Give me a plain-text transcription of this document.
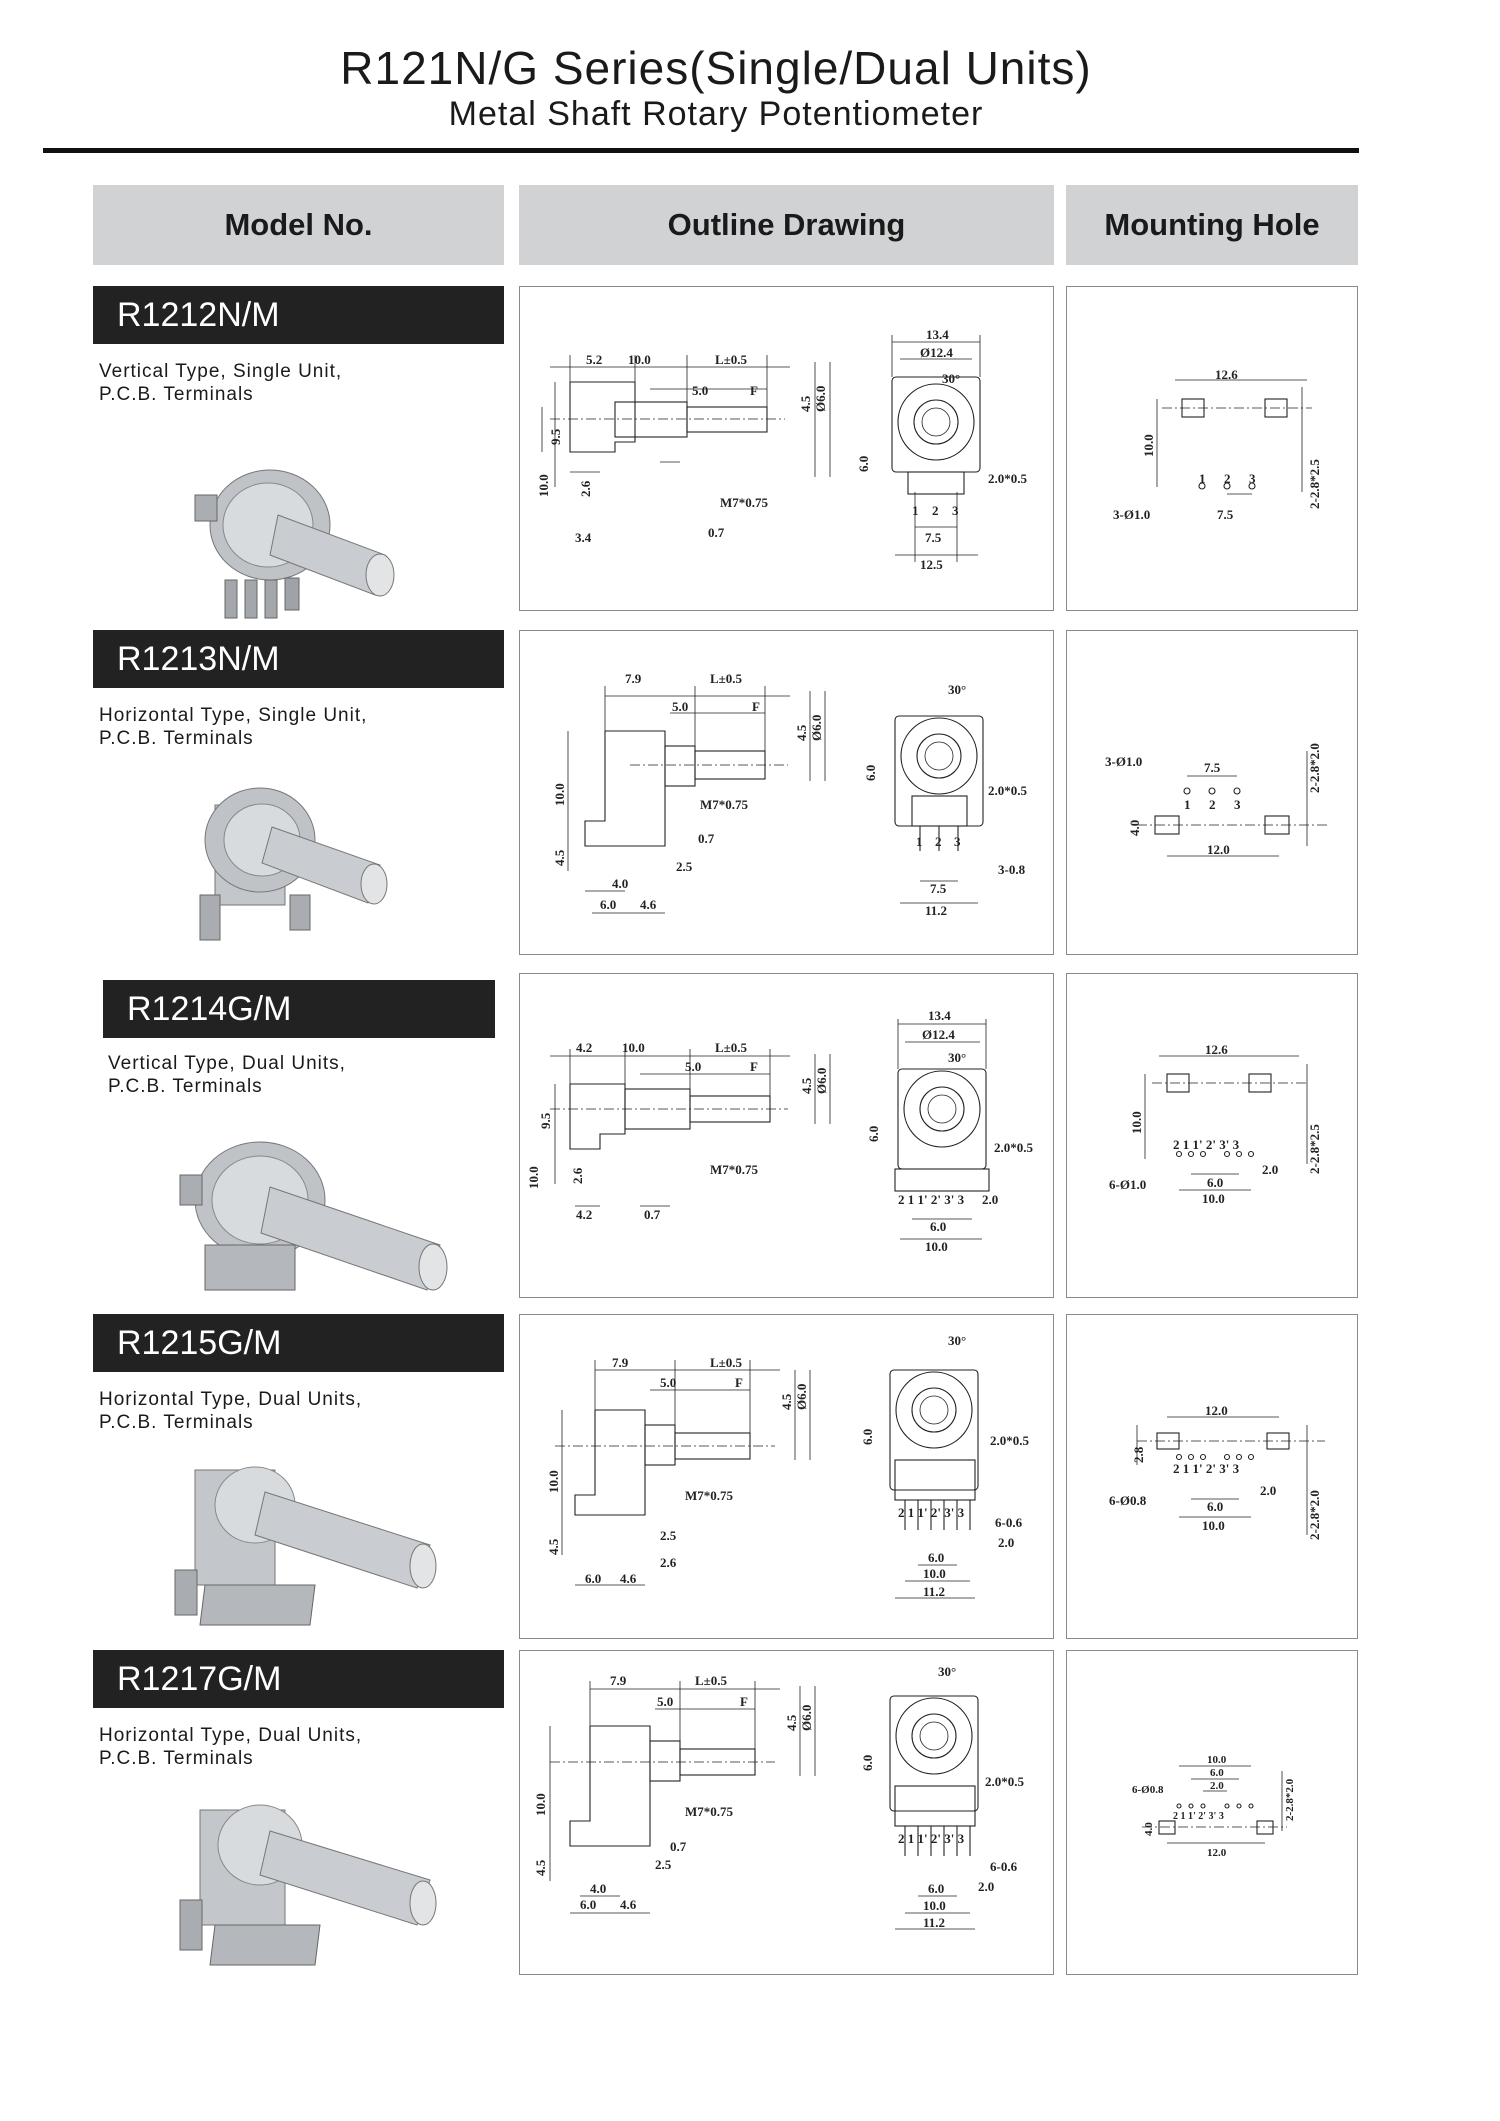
R121N/G Series(Single/Dual Units)
Metal Shaft Rotary Potentiometer
Model No.	Outline Drawing	Mounting Hole
R1212N/M
Vertical Type, Single Unit,
P.C.B. Terminals
5.2 10.0	L±0.5
5.0	F
4.5 Ø6.0
9.5
10.0 2.6
M7*0.75
3.4	0.7
13.4
Ø12.4
30°
6.0
2.0*0.5
1 2 3
7.5
12.5
12.6
10.0
1 2 3
3-Ø1.0	7.5
2-2.8*2.5
R1213N/M
Horizontal Type, Single Unit,
P.C.B. Terminals
7.9	L±0.5
5.0	F
4.5 Ø6.0
10.0
4.5
M7*0.75
0.7
2.5
4.0
6.0 4.6
30°
6.0
2.0*0.5
1 2 3
3-0.8
7.5
11.2
3-Ø1.0	7.5
1 2 3
4.0
12.0
2-2.8*2.0
R1214G/M
Vertical Type, Dual Units,
P.C.B. Terminals
4.2 10.0	L±0.5
5.0	F
4.5 Ø6.0
9.5
10.0 2.6	M7*0.75
4.2	0.7
13.4
Ø12.4
30°
6.0
2.0*0.5
2 1 1' 2' 3' 3 2.0
6.0
10.0
12.6
10.0
2 1 1' 2' 3' 3
6-Ø1.0
2.0
6.0
10.0
2-2.8*2.5
R1215G/M
Horizontal Type, Dual Units,
P.C.B. Terminals
7.9	L±0.5
5.0	F
4.5 Ø6.0
10.0
4.5
M7*0.75
2.5
2.6
6.0 4.6
30°
6.0	2.0*0.5
2 1 1' 2' 3' 3
6-0.6
2.0
6.0
10.0
11.2
12.0
2.8
2 1 1' 2' 3' 3
6-Ø0.8
2.0
6.0
10.0	2-2.8*2.0
R1217G/M
Horizontal Type, Dual Units,
P.C.B. Terminals
7.9	L±0.5
5.0	F
4.5 Ø6.0
10.0
4.5
M7*0.75
0.7
2.5
4.0
6.0 4.6
30°
6.0
2.0*0.5
2 1 1' 2' 3' 3
6-0.6
2.0
6.0
10.0
11.2
10.0
6.0
2.0
6-Ø0.8
2 1 1' 2' 3' 3
4.0
12.0
2-2.8*2.0
